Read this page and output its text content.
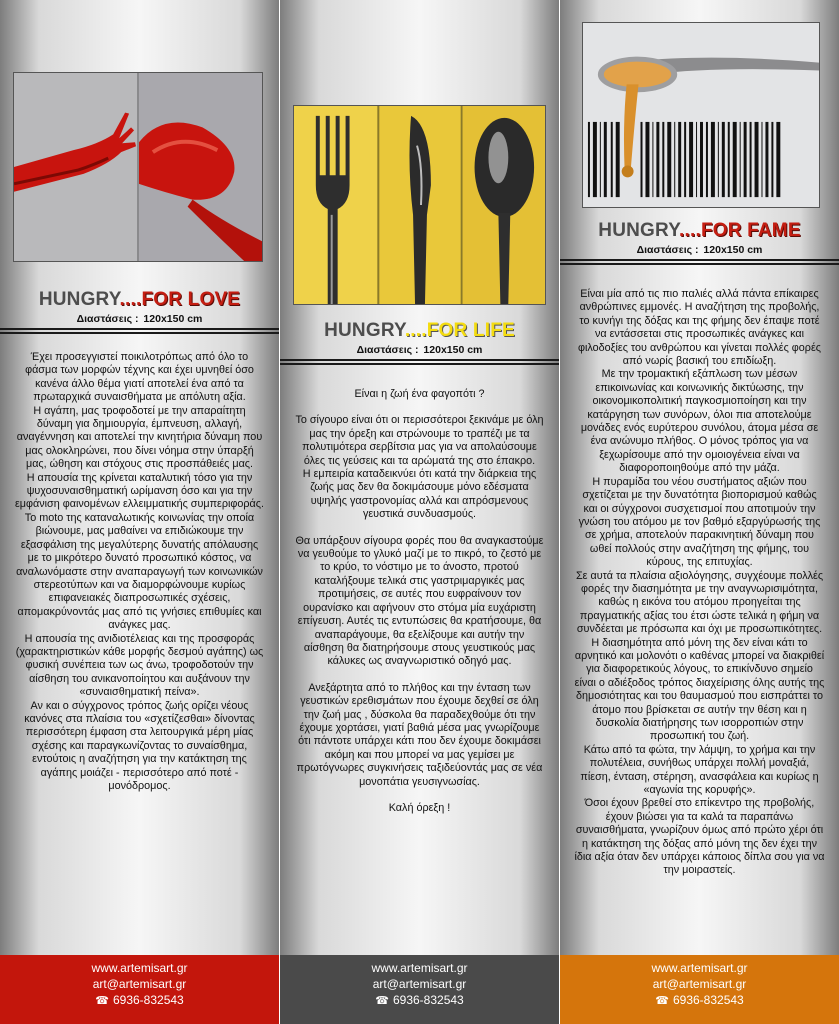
HUNGRY....FOR LOVE
Διαστάσεις : 120x150 cm

Έχει προσεγγιστεί ποικιλοτρόπως από όλο το φάσμα των μορφών τέχνης και έχει υμνηθεί όσο κανένα άλλο θέμα γιατί αποτελεί ένα από τα πρωταρχικά συναισθήματα με απόλυτη αξία.

Η αγάπη, μας τροφοδοτεί με την απαραίτητη δύναμη για δημιουργία, έμπνευση, αλλαγή, αναγέννηση και αποτελεί την κινητήρια δύναμη που μας ολοκληρώνει, που δίνει νόημα στην ύπαρξή μας, ώθηση και στόχους στις προσπάθειές μας.

Η απουσία της κρίνεται καταλυτική τόσο για την ψυχοσυναισθηματική ωρίμανση όσο και για την εμφάνιση φαινομένων ελλειμματικής συμπεριφοράς.

Το moto της καταναλωτικής κοινωνίας την οποία βιώνουμε, μας μαθαίνει να επιδιώκουμε την εξασφάλιση της μεγαλύτερης δυνατής απόλαυσης με το μικρότερο δυνατό προσωπικό κόστος, να αναλωνόμαστε στην αναπαραγωγή των κοινωνικών στερεοτύπων και να διαμορφώνουμε κυρίως επιφανειακές διαπροσωπικές σχέσεις, απομακρύνοντάς μας από τις γνήσιες επιθυμίες και ανάγκες μας.

Η απουσία της ανιδιοτέλειας και της προσφοράς (χαρακτηριστικών κάθε μορφής δεσμού αγάπης) ως φυσική συνέπεια των ως άνω, τροφοδοτούν την αίσθηση του ανικανοποίητου και αυξάνουν την «συναισθηματική πείνα».

Αν και ο σύγχρονος τρόπος ζωής ορίζει νέους κανόνες στα πλαίσια του «σχετίζεσθαι» δίνοντας περισσότερη έμφαση στα λειτουργικά μέρη μίας σχέσης και παραγκωνίζοντας το συναίσθημα, εντούτοις η αναζήτηση για την κατάκτηση της αγάπης μοιάζει - περισσότερο από ποτέ - μονόδρομος.

www.artemisart.gr
art@artemisart.gr
☎ 6936-832543
HUNGRY....FOR LIFE
Διαστάσεις : 120x150 cm

Είναι η ζωή ένα φαγοπότι ?

Το σίγουρο είναι ότι οι περισσότεροι ξεκινάμε με όλη μας την όρεξη και στρώνουμε το τραπέζι με τα πολυτιμότερα σερβίτσια μας για να απολαύσουμε όλες τις γεύσεις και τα αρώματά της στο έπακρο.

Η εμπειρία καταδεικνύει ότι κατά την διάρκεια της ζωής μας δεν θα δοκιμάσουμε μόνο εδέσματα υψηλής γαστρονομίας αλλά και απρόσμενους γευστικά συνδυασμούς.

Θα υπάρξουν σίγουρα φορές που θα αναγκαστούμε να γευθούμε το γλυκό μαζί με το πικρό, το ζεστό με το κρύο, το νόστιμο με το άνοστο, προτού καταλήξουμε τελικά στις γαστριμαργικές μας προτιμήσεις, σε αυτές που ευφραίνουν τον ουρανίσκο και αφήνουν στο στόμα μία ευχάριστη επίγευση. Αυτές τις εντυπώσεις θα κρατήσουμε, θα αναπαράγουμε, θα εξελίξουμε και αυτήν την αίσθηση θα διατηρήσουμε στους γευστικούς μας κάλυκες ως αναγνωριστικό οδηγό μας.

Ανεξάρτητα από το πλήθος και την ένταση των γευστικών ερεθισμάτων που έχουμε δεχθεί σε όλη την ζωή μας , δύσκολα θα παραδεχθούμε ότι την έχουμε χορτάσει, γιατί βαθιά μέσα μας γνωρίζουμε ότι πάντοτε υπάρχει κάτι που δεν έχουμε δοκιμάσει ακόμη και που μπορεί να μας γεμίσει με πρωτόγνωρες συγκινήσεις ταξιδεύοντάς μας σε νέα μονοπάτια γευσιγνωσίας.

Καλή όρεξη !

www.artemisart.gr
art@artemisart.gr
☎ 6936-832543
HUNGRY....FOR FAME
Διαστάσεις : 120x150 cm

Είναι μία από τις πιο παλιές αλλά πάντα επίκαιρες ανθρώπινες εμμονές. Η αναζήτηση της προβολής, το κυνήγι της δόξας και της φήμης δεν έπαψε ποτέ να εντάσσεται στις προσωπικές ανάγκες και φιλοδοξίες του ανθρώπου και γίνεται πολλές φορές από νωρίς βασική του επιδίωξη.

Με την τρομακτική εξάπλωση των μέσων επικοινωνίας και κοινωνικής δικτύωσης, την οικονομικοπολιτική παγκοσμιοποίηση και την κατάργηση των συνόρων, όλοι πια αποτελούμε μονάδες ενός ευρύτερου συνόλου, άτομα μέσα σε ένα ανώνυμο πλήθος. Ο μόνος τρόπος για να ξεχωρίσουμε από την ομοιογένεια είναι να διαφοροποιηθούμε από την μάζα.

Η πυραμίδα του νέου συστήματος αξιών που σχετίζεται με την δυνατότητα βιοπορισμού καθώς και οι σύγχρονοι συσχετισμοί που αποτιμούν την γνώση του ατόμου με τον βαθμό εξαργύρωσής της σε χρήμα, αποτελούν παρακινητική δύναμη που ωθεί πολλούς στην αναζήτηση της φήμης, του κύρους, της επιτυχίας.

Σε αυτά τα πλαίσια αξιολόγησης, συγχέουμε πολλές φορές την διασημότητα με την αναγνωρισιμότητα, καθώς η εικόνα του ατόμου προηγείται της πραγματικής αξίας του έτσι ώστε τελικά η φήμη να συνδέεται με πρόσωπα και όχι με προσωπικότητες.

Η διασημότητα από μόνη της δεν είναι κάτι το αρνητικό και μολονότι ο καθένας μπορεί να διακριθεί για διαφορετικούς λόγους, το επικίνδυνο σημείο είναι ο αδιέξοδος τρόπος διαχείρισης όλης αυτής της δημοσιότητας και του θαυμασμού που εισπράττει το άτομο που βρίσκεται σε αυτήν την θέση και η δυσκολία διατήρησης των ισορροπιών στην προσωπική του ζωή.

Κάτω από τα φώτα, την λάμψη, το χρήμα και την πολυτέλεια, συνήθως υπάρχει πολλή μοναξιά, πίεση, ένταση, στέρηση, ανασφάλεια και κυρίως η «αγωνία της κορυφής».

Όσοι έχουν βρεθεί στο επίκεντρο της προβολής, έχουν βιώσει για τα καλά τα παραπάνω συναισθήματα, γνωρίζουν όμως από πρώτο χέρι ότι η κατάκτηση της δόξας από μόνη της δεν έχει την ίδια αξία όταν δεν υπάρχει κάποιος δίπλα σου για να την μοιραστείς.

www.artemisart.gr
art@artemisart.gr
☎ 6936-832543
